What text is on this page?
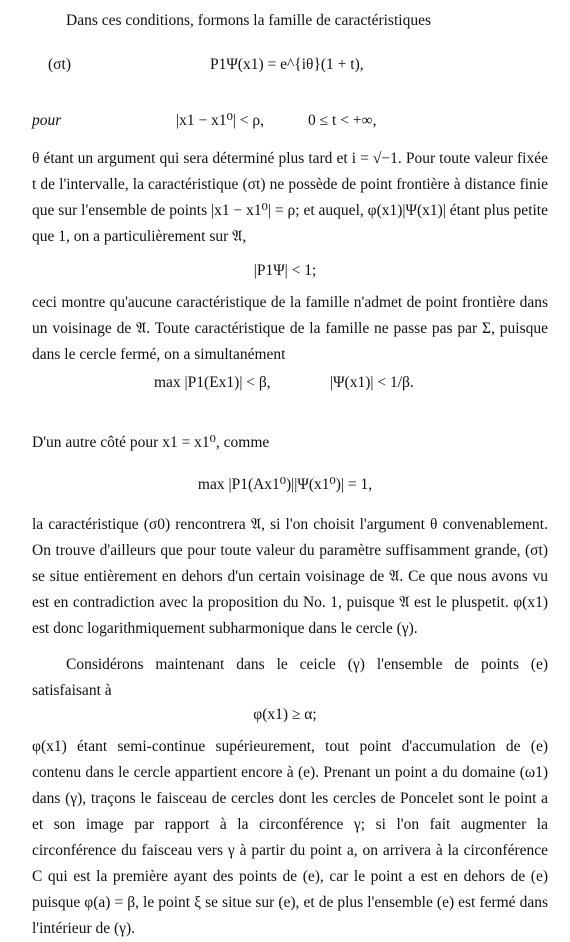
Dans ces conditions, formons la famille de caractéristiques

(σt)	P1Ψ(x1) = e^{iθ}(1 + t),
pour	|x1 − x1⁰| < ρ,	0 ≤ t < +∞,

θ étant un argument qui sera déterminé plus tard et i = √−1. Pour toute valeur fixée t de l'intervalle, la caractéristique (σt) ne possède de point frontière à distance finie que sur l'ensemble de points |x1 − x1⁰| = ρ; et auquel, φ(x1)|Ψ(x1)| étant plus petite que 1, on a particulièrement sur 𝔄,

|P1Ψ| < 1;

ceci montre qu'aucune caractéristique de la famille n'admet de point frontière dans un voisinage de 𝔄. Toute caractéristique de la famille ne passe pas par Σ, puisque dans le cercle fermé, on a simultanément

max |P1(Ex1)| < β,	|Ψ(x1)| < 1/β.

D'un autre côté pour x1 = x1⁰, comme

max |P1(Ax1⁰)||Ψ(x1⁰)| = 1,

la caractéristique (σ0) rencontrera 𝔄, si l'on choisit l'argument θ convenablement. On trouve d'ailleurs que pour toute valeur du paramètre suffisamment grande, (σt) se situe entièrement en dehors d'un certain voisinage de 𝔄. Ce que nous avons vu est en contradiction avec la proposition du No. 1, puisque 𝔄 est le pluspetit. φ(x1) est donc logarithmiquement subharmonique dans le cercle (γ).

Considérons maintenant dans le ceicle (γ) l'ensemble de points (e) satisfaisant à

φ(x1) ≥ α;

φ(x1) étant semi-continue supérieurement, tout point d'accumulation de (e) contenu dans le cercle appartient encore à (e). Prenant un point a du domaine (ω1) dans (γ), traçons le faisceau de cercles dont les cercles de Poncelet sont le point a et son image par rapport à la circonférence γ; si l'on fait augmenter la circonférence du faisceau vers γ à partir du point a, on arrivera à la circonférence C qui est la première ayant des points de (e), car le point a est en dehors de (e) puisque φ(a) = β, le point ξ se situe sur (e), et de plus l'ensemble (e) est fermé dans l'intérieur de (γ).
